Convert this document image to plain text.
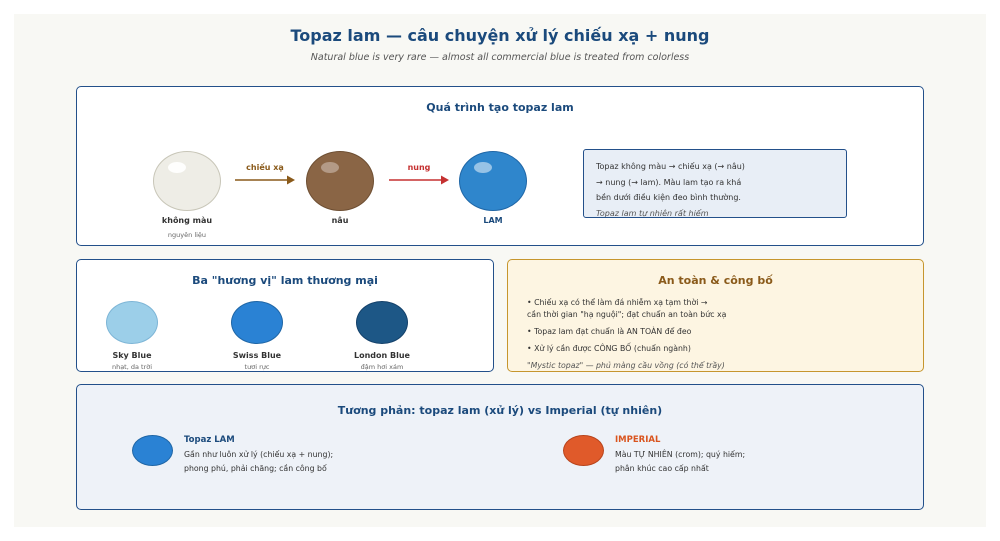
Topaz lam — câu chuyện xử lý chiếu xạ + nung
Natural blue is very rare — almost all commercial blue is treated from colorless
Quá trình tạo topaz lam
không màu
nguyên liệu
chiếu xạ
nâu
nung
LAM
Topaz không màu → chiếu xạ (→ nâu)
→ nung (→ lam). Màu lam tạo ra khá
bền dưới điều kiện đeo bình thường.
Topaz lam tự nhiên rất hiếm
Ba "hương vị" lam thương mại
Sky Blue
nhạt, da trời
Swiss Blue
tươi rực
London Blue
đậm hơi xám
An toàn & công bố
• Chiếu xạ có thể làm đá nhiễm xạ tạm thời →
cần thời gian "hạ nguội"; đạt chuẩn an toàn bức xạ
• Topaz lam đạt chuẩn là AN TOÀN để đeo
• Xử lý cần được CÔNG BỐ (chuẩn ngành)
"Mystic topaz" — phủ màng cầu vồng (có thể trầy)
Tương phản: topaz lam (xử lý) vs Imperial (tự nhiên)
Topaz LAM
Gần như luôn xử lý (chiếu xạ + nung);
phong phú, phải chăng; cần công bố
IMPERIAL
Màu TỰ NHIÊN (crom); quý hiếm;
phân khúc cao cấp nhất
